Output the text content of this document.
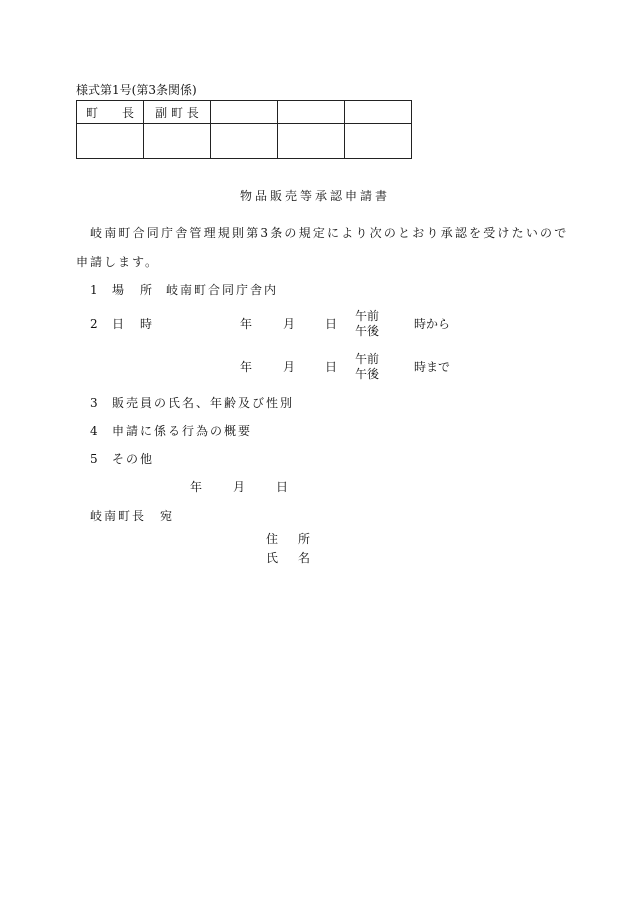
様式第1号(第3条関係)
町　　長	副 町 長			

物品販売等承認申請書
岐南町合同庁舎管理規則第3条の規定により次のとおり承認を受けたいので
申請します。
1 場　所 岐南町合同庁舎内
2 日　時	年	月 日
午前
午後	時から
年	月 日
午前
午後	時まで
3 販売員の氏名、年齢及び性別
4 申請に係る行為の概要
5 その他
年	月	日
岐南町長　宛
住　所
氏　名
